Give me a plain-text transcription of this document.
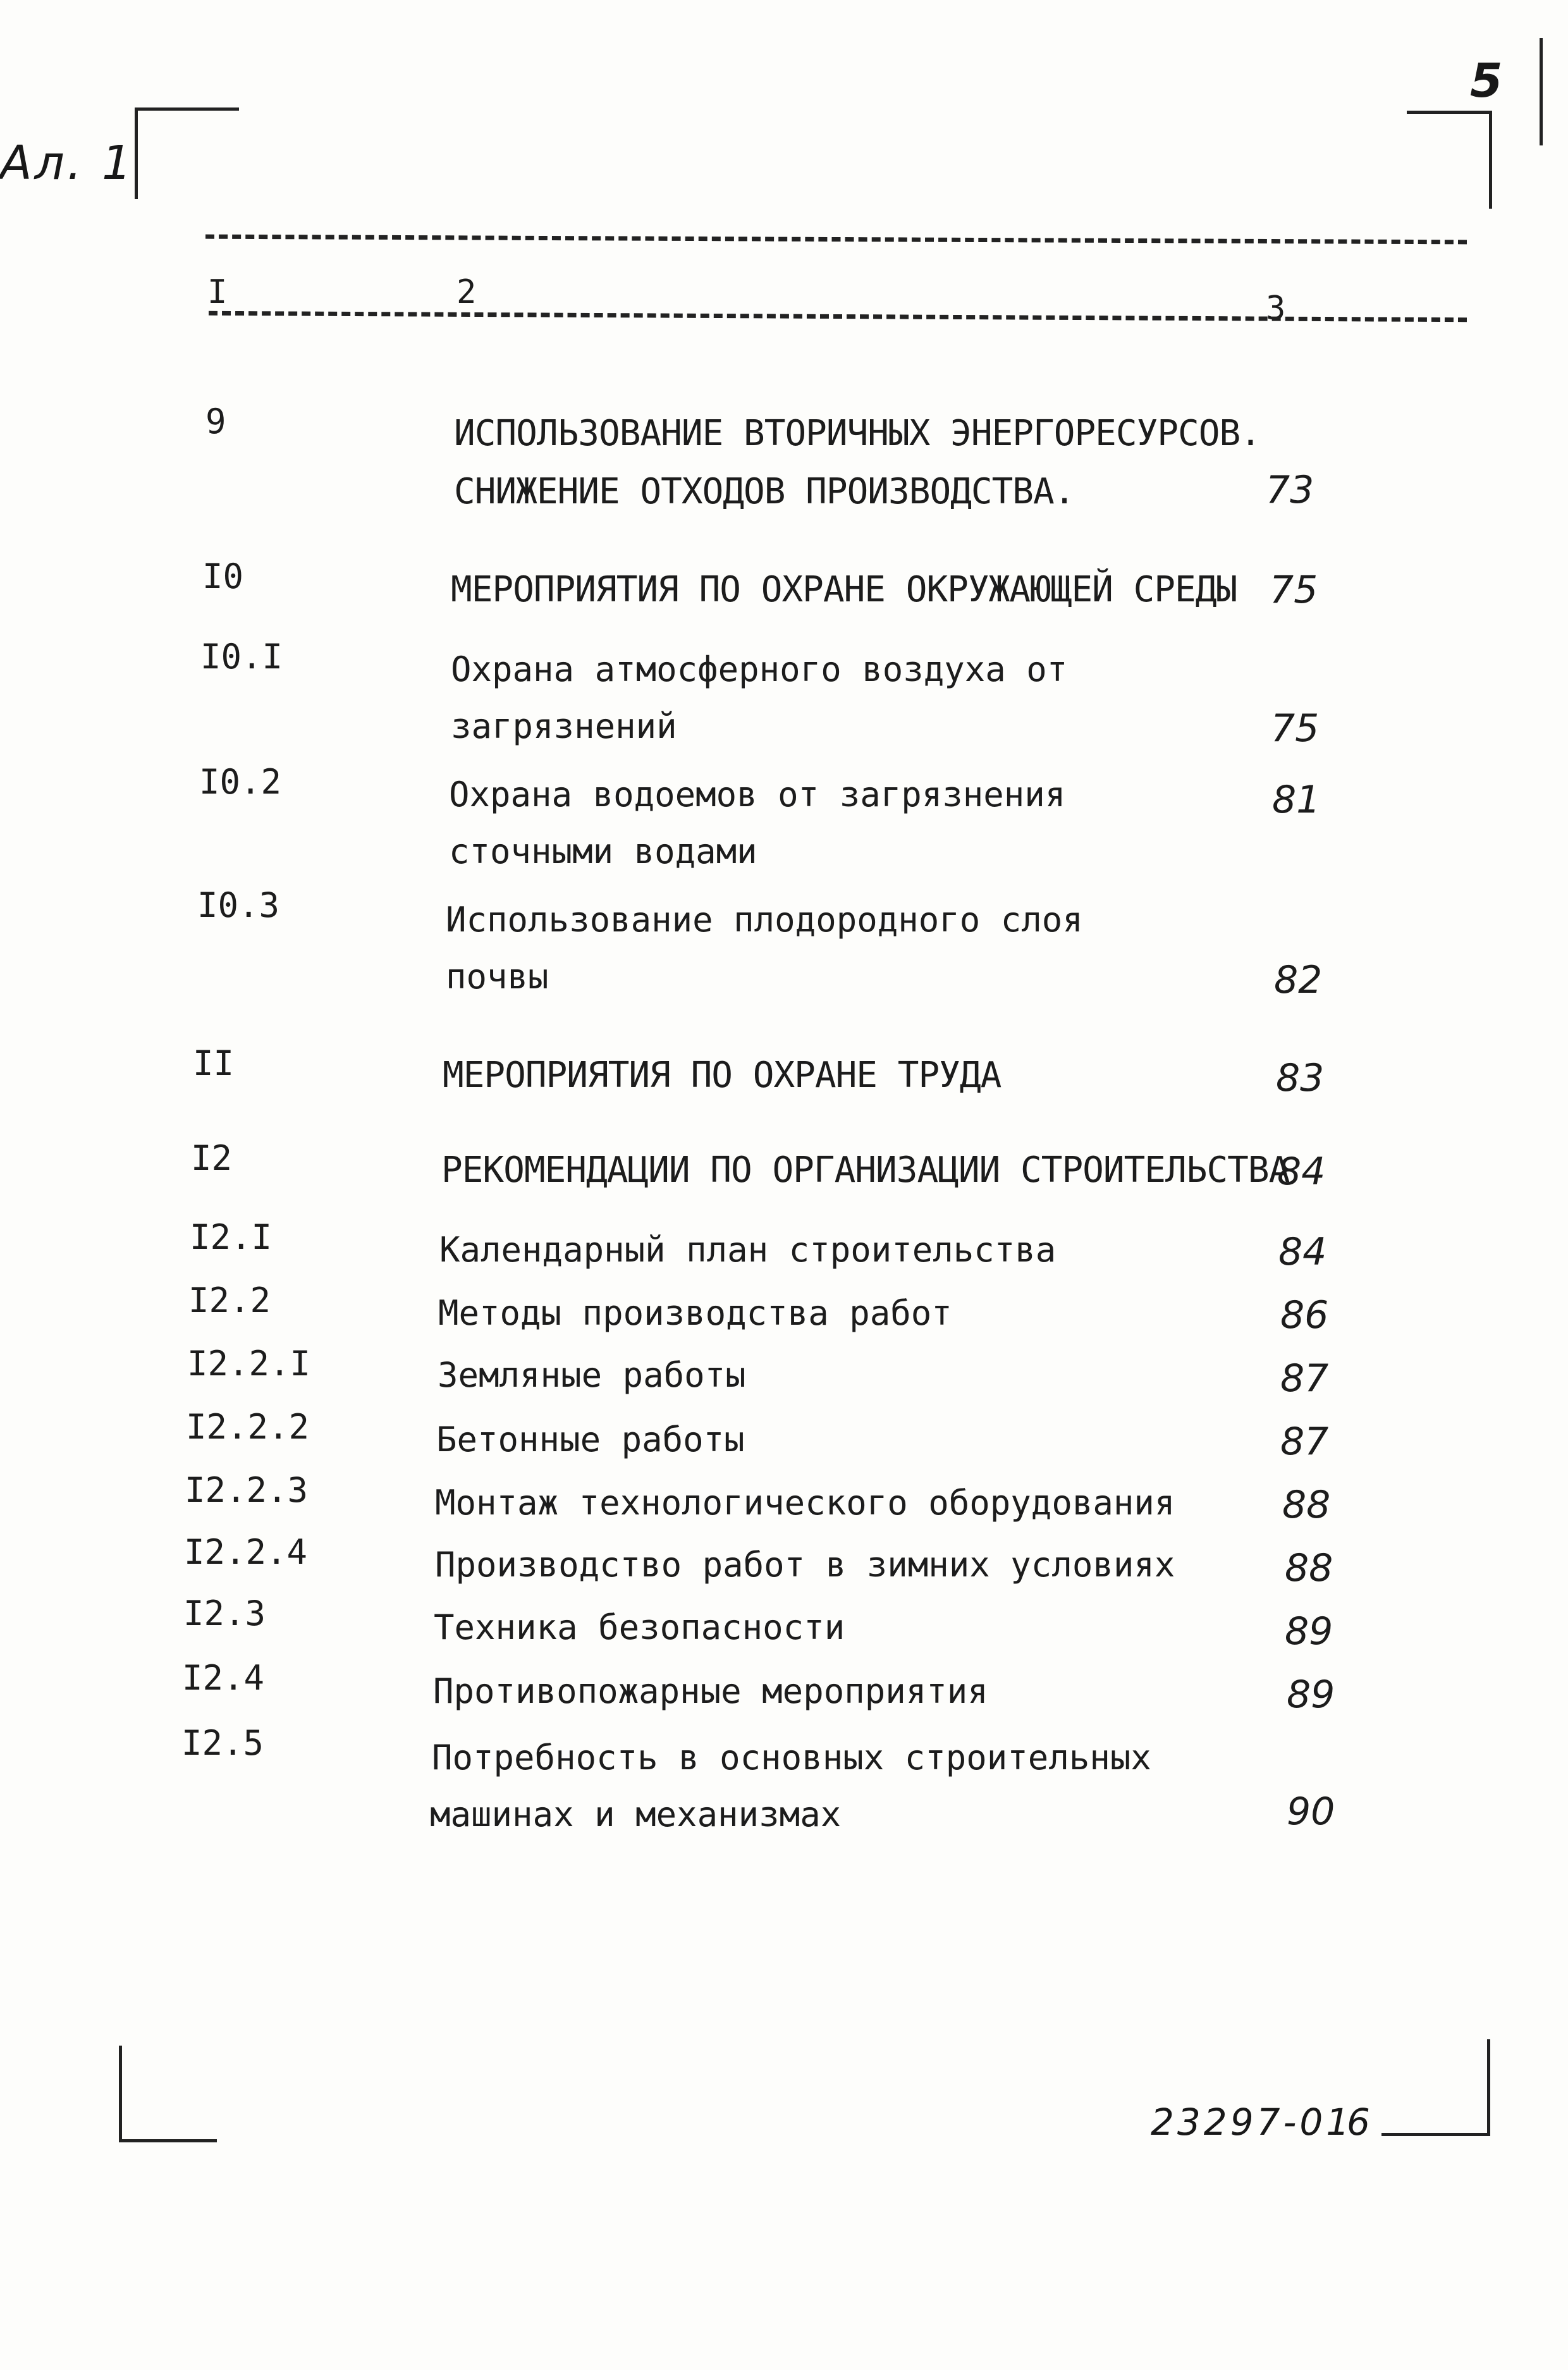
Ал. 1
5
I	2	3
9	ИСПОЛЬЗОВАНИЕ ВТОРИЧНЫХ ЭНЕРГОРЕСУРСОВ.
СНИЖЕНИЕ ОТХОДОВ ПРОИЗВОДСТВА.	73
I0	МЕРОПРИЯТИЯ ПО ОХРАНЕ ОКРУЖАЮЩЕЙ СРЕДЫ 75
I0.I	Охрана атмосферного воздуха от
загрязнений	75
I0.2	Охрана водоемов от загрязнения
сточными водами
81
I0.3	Использование плодородного слоя
почвы	82
II	МЕРОПРИЯТИЯ ПО ОХРАНЕ ТРУДА	83
I2	РЕКОМЕНДАЦИИ ПО ОРГАНИЗАЦИИ СТРОИТЕЛЬСТВА
84
I2.I	Календарный план строительства	84
I2.2	Методы производства работ	86
I2.2.I	Земляные работы	87
I2.2.2	Бетонные работы	87
I2.2.3	Монтаж технологического оборудования	88
I2.2.4	Производство работ в зимних условиях	88
I2.3	Техника безопасности	89
I2.4	Противопожарные мероприятия	89
I2.5	Потребность в основных строительных
машинах и механизмах	90
23297-01
6
